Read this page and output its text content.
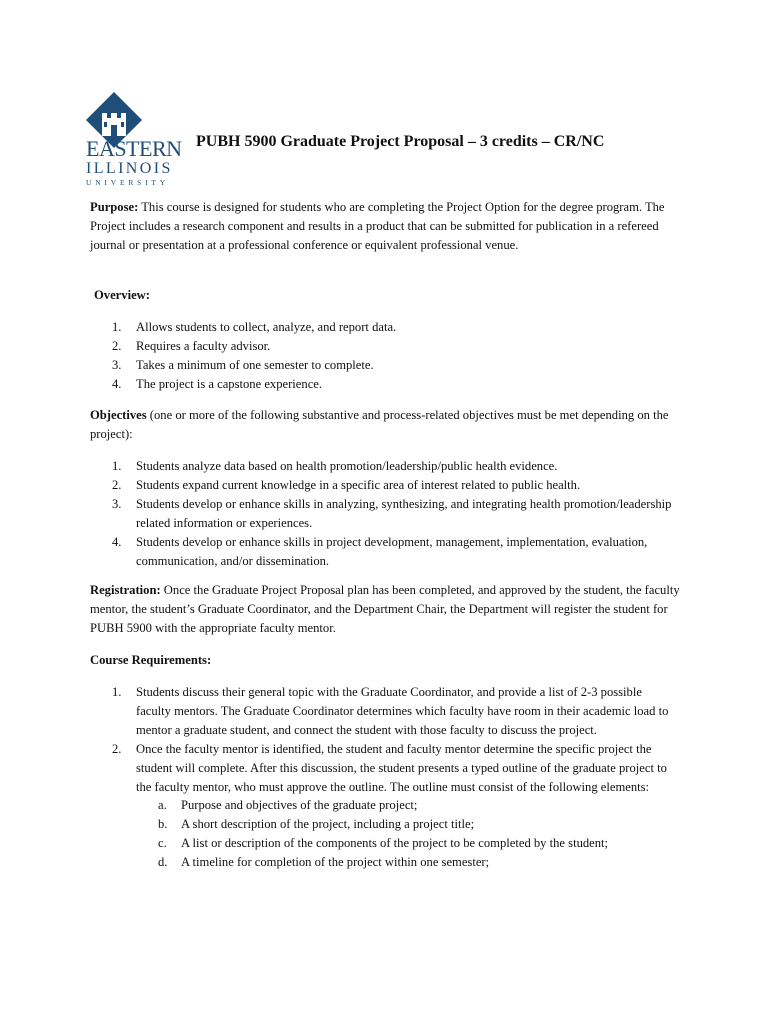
EASTERN
ILLINOIS
UNIVERSITY
PUBH 5900 Graduate Project Proposal – 3 credits – CR/NC

Purpose: This course is designed for students who are completing the Project Option for the degree program. The Project includes a research component and results in a product that can be submitted for publication in a refereed journal or presentation at a professional conference or equivalent professional venue.

Overview:

1. Allows students to collect, analyze, and report data.
2. Requires a faculty advisor.
3. Takes a minimum of one semester to complete.
4. The project is a capstone experience.

Objectives (one or more of the following substantive and process-related objectives must be met depending on the project):

1. Students analyze data based on health promotion/leadership/public health evidence.
2. Students expand current knowledge in a specific area of interest related to public health.
3. Students develop or enhance skills in analyzing, synthesizing, and integrating health promotion/leadership related information or experiences.
4. Students develop or enhance skills in project development, management, implementation, evaluation, communication, and/or dissemination.

Registration: Once the Graduate Project Proposal plan has been completed, and approved by the student, the faculty mentor, the student’s Graduate Coordinator, and the Department Chair, the Department will register the student for PUBH 5900 with the appropriate faculty mentor.

Course Requirements:

1. Students discuss their general topic with the Graduate Coordinator, and provide a list of 2-3 possible faculty mentors. The Graduate Coordinator determines which faculty have room in their academic load to mentor a graduate student, and connect the student with those faculty to discuss the project.
2. Once the faculty mentor is identified, the student and faculty mentor determine the specific project the student will complete. After this discussion, the student presents a typed outline of the graduate project to the faculty mentor, who must approve the outline. The outline must consist of the following elements:
a. Purpose and objectives of the graduate project;
b. A short description of the project, including a project title;
c. A list or description of the components of the project to be completed by the student;
d. A timeline for completion of the project within one semester;
